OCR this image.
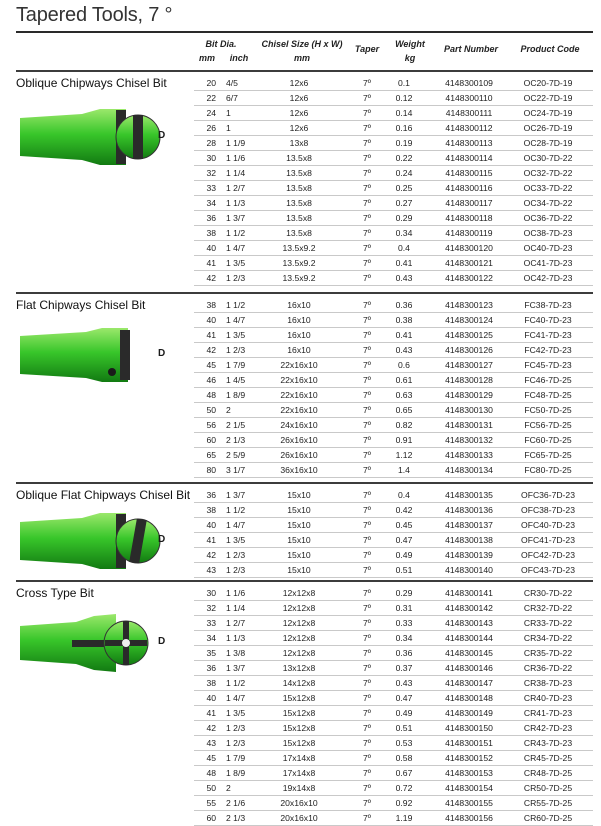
Tapered Tools, 7 °
Bit Dia.
mm	inch
Chisel Size (H x W)
mm
Taper	Weight
kg
Part Number	Product Code
Oblique Chipways Chisel Bit
D
20 4/5	12x6	7º	0.1	4148300109	OC20-7D-19
22 6/7	12x6	7º	0.12	4148300110	OC22-7D-19
24 1	12x6	7º	0.14	4148300111	OC24-7D-19
26 1	12x6	7º	0.16	4148300112	OC26-7D-19
28 1 1/9	13x8	7º	0.19	4148300113	OC28-7D-19
30 1 1/6	13.5x8	7º	0.22	4148300114	OC30-7D-22
32 1 1/4	13.5x8	7º	0.24	4148300115	OC32-7D-22
33 1 2/7	13.5x8	7º	0.25	4148300116	OC33-7D-22
34 1 1/3	13.5x8	7º	0.27	4148300117	OC34-7D-22
36 1 3/7	13.5x8	7º	0.29	4148300118	OC36-7D-22
38 1 1/2	13.5x8	7º	0.34	4148300119	OC38-7D-23
40 1 4/7	13.5x9.2	7º	0.4	4148300120	OC40-7D-23
41 1 3/5	13.5x9.2	7º	0.41	4148300121	OC41-7D-23
42 1 2/3	13.5x9.2	7º	0.43	4148300122	OC42-7D-23
Flat Chipways Chisel Bit
D
38 1 1/2	16x10	7º	0.36	4148300123	FC38-7D-23
40 1 4/7	16x10	7º	0.38	4148300124	FC40-7D-23
41 1 3/5	16x10	7º	0.41	4148300125	FC41-7D-23
42 1 2/3	16x10	7º	0.43	4148300126	FC42-7D-23
45 1 7/9	22x16x10	7º	0.6	4148300127	FC45-7D-23
46 1 4/5	22x16x10	7º	0.61	4148300128	FC46-7D-25
48 1 8/9	22x16x10	7º	0.63	4148300129	FC48-7D-25
50 2	22x16x10	7º	0.65	4148300130	FC50-7D-25
56 2 1/5	24x16x10	7º	0.82	4148300131	FC56-7D-25
60 2 1/3	26x16x10	7º	0.91	4148300132	FC60-7D-25
65 2 5/9	26x16x10	7º	1.12	4148300133	FC65-7D-25
80 3 1/7	36x16x10	7º	1.4	4148300134	FC80-7D-25
Oblique Flat Chipways Chisel Bit
D
36 1 3/7	15x10	7º	0.4	4148300135	OFC36-7D-23
38 1 1/2	15x10	7º	0.42	4148300136	OFC38-7D-23
40 1 4/7	15x10	7º	0.45	4148300137	OFC40-7D-23
41 1 3/5	15x10	7º	0.47	4148300138	OFC41-7D-23
42 1 2/3	15x10	7º	0.49	4148300139	OFC42-7D-23
43 1 2/3	15x10	7º	0.51	4148300140	OFC43-7D-23
Cross Type Bit
D
30 1 1/6	12x12x8	7º	0.29	4148300141	CR30-7D-22
32 1 1/4	12x12x8	7º	0.31	4148300142	CR32-7D-22
33 1 2/7	12x12x8	7º	0.33	4148300143	CR33-7D-22
34 1 1/3	12x12x8	7º	0.34	4148300144	CR34-7D-22
35 1 3/8	12x12x8	7º	0.36	4148300145	CR35-7D-22
36 1 3/7	13x12x8	7º	0.37	4148300146	CR36-7D-22
38 1 1/2	14x12x8	7º	0.43	4148300147	CR38-7D-23
40 1 4/7	15x12x8	7º	0.47	4148300148	CR40-7D-23
41 1 3/5	15x12x8	7º	0.49	4148300149	CR41-7D-23
42 1 2/3	15x12x8	7º	0.51	4148300150	CR42-7D-23
43 1 2/3	15x12x8	7º	0.53	4148300151	CR43-7D-23
45 1 7/9	17x14x8	7º	0.58	4148300152	CR45-7D-25
48 1 8/9	17x14x8	7º	0.67	4148300153	CR48-7D-25
50 2	19x14x8	7º	0.72	4148300154	CR50-7D-25
55 2 1/6	20x16x10	7º	0.92	4148300155	CR55-7D-25
60 2 1/3	20x16x10	7º	1.19	4148300156	CR60-7D-25
